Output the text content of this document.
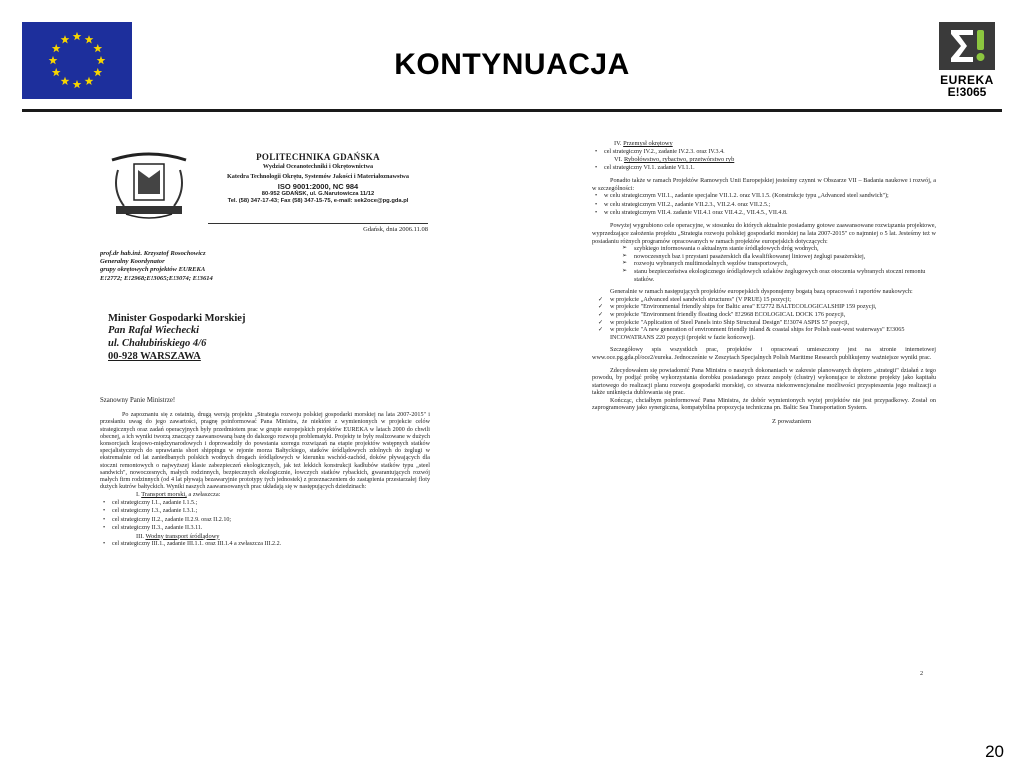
KONTYNUACJA	EUREKA
E!3065
POLITECHNIKA GDAŃSKA
Wydział Oceanotechniki i Okrętownictwa
Katedra Technologii Okrętu, Systemów Jakości i Materiałoznawstwa
ISO 9001:2000, NC 984
80-952 GDAŃSK, ul. G.Narutowicza 11/12
Tel. (58) 347-17-43; Fax (58) 347-15-75, e-mail: sek2oce@pg.gda.pl
Gdańsk, dnia 2006.11.08
prof.dr hab.inż. Krzysztof Rosochowicz
Generalny Koordynator
grupy okrętowych projektów EUREKA
E!2772; E!2968;E!3065;E!3074; E!3614
Minister Gospodarki Morskiej
Pan Rafał Wiechecki
ul. Chałubińskiego 4/6
00-928 WARSZAWA
Szanowny Panie Ministrze!

Po zapoznaniu się z ostatnią, drugą wersją projektu „Strategia rozwoju polskiej gospodarki morskiej na lata 2007-2015" i przesłaniu uwag do jego zawartości, pragnę poinformować Pana Ministra, że niektóre z wymienionych w projekcie celów strategicznych oraz zadań operacyjnych były przedmiotem prac w grupie europejskich projektów EUREKA w latach 2000 do chwili obecnej, a ich wyniki tworzą znaczący zaawansowaną bazę do dalszego rozwoju problematyki. Projekty te były realizowane w dużych konsorcjach krajowo-międzynarodowych i doprowadziły do powstania szeregu rozwiązań na etapie projektów wstępnych statków specjalistycznych do uprawiania short shippingu w rejonie morza Bałtyckiego, statków śródlądowych zdolnych do żeglugi w ekstremalnie od lat zaniedbanych polskich wodnych drogach śródlądowych w kierunku wschód-zachód, doków pływających dla stoczni remontowych o najwyższej klasie zabezpieczeń ekologicznych, jak też lekkich konstrukcji kadłubów statków typu „steel sandwich", nowoczesnych, małych rodzinnych, bezpiecznych ekologicznie, łowczych statków rybackich, gwarantujących rozwój małych firm rodzinnych (od 4 lat pływają bezawaryjnie prototypy tych jednostek) z przeznaczeniem do zastąpienia przestarzałej floty dużych kutrów bałtyckich. Wyniki naszych zaawansowanych prac układają się w następujących dziedzinach:

I. Transport morski, a zwłaszcza:
• cel strategiczny I.1., zadanie I.1.5.;
• cel strategiczny I.3., zadanie I.3.1.;
• cel strategiczny II.2., zadanie II.2.9. oraz II.2.10;
• cel strategiczny II.3., zadanie II.3.11.
III. Wodny transport śródlądowy
• cel strategiczny III.1., zadanie III.1.1. oraz III.1.4 a zwłaszcza III.2.2.
IV. Przemysł okrętowy
• cel strategiczny IV.2., zadanie IV.2.3. oraz IV.3.4.
VI. Rybołówstwo, rybactwo, przetwórstwo ryb
• cel strategiczny VI.1. zadanie VI.1.1.

Ponadto także w ramach Projektów Ramowych Unii Europejskiej jesteśmy czynni w Obszarze VII – Badania naukowe i rozwój, a w szczególności:

• w celu strategicznym VII.1., zadanie specjalne VII.1.2. oraz VII.1.5. (Konstrukcje typu „Advanced steel sandwich");
• w celu strategicznym VII.2., zadanie VII.2.3., VII.2.4. oraz VII.2.5.;
• w celu strategicznym VII.4. zadanie VII.4.1 oraz VII.4.2., VII.4.5., VII.4.8.

Powyżej wygrubiono cele operacyjne, w stosunku do których aktualnie posiadamy gotowe zaawansowane rozwiązania projektowe, wyprzedzające założenia projektu „Strategia rozwoju polskiej gospodarki morskiej na lata 2007-2015" co najmniej o 5 lat. Jesteśmy też w posiadaniu różnych programów opracowanych w ramach projektów europejskich dotyczących:

➢ szybkiego informowania o aktualnym stanie śródlądowych dróg wodnych,
➢ nowoczesnych baz i przystani pasażerskich dla kwalifikowanej liniowej żeglugi pasażerskiej,
➢ rozwoju wybranych multimodalnych węzłów transportowych,
➢ stanu bezpieczeństwa ekologicznego śródlądowych szlaków żeglugowych oraz otoczenia wybranych stoczni remontu statków.

Generalnie w ramach następujących projektów europejskich dysponujemy bogatą bazą opracowań i raportów naukowych:

✓ w projekcie „Advanced steel sandwich structures" (V PRUE) 15 pozycji;
✓ w projekcie "Environmental friendly ships for Baltic area" E!2772 BALTECOLOGICALSHIP 159 pozycji,
✓ w projekcie "Environment friendly floating dock" E!2968 ECOLOGICAL DOCK 176 pozycji,
✓ w projekcie "Application of Steel Panels into Ship Structural Design" E!3074 ASPIS 57 pozycji,
✓ w projekcie "A new generation of environment friendly inland & coastal ships for Polish east-west waterways" E!3065 INCOWATRANS 220 pozycji (projekt w fazie końcowej).

Szczegółowy spis wszystkich prac, projektów i opracowań umieszczony jest na stronie internetowej www.oce.pg.gda.pl/oce2/eureka. Jednocześnie w Zeszytach Specjalnych Polish Maritime Research publikujemy ważniejsze wyniki prac.

Zdecydowałem się powiadomić Pana Ministra o naszych dokonaniach w zakresie planowanych dopiero „strategii" działań z tego powodu, by podjąć próbę wykorzystania dorobku posiadanego przez zespoły (clustry) wykonujące te złożone projekty jako kapitału startowego do realizacji planu rozwoju gospodarki morskiej, co stwarza niekonwencjonalne możliwości przyspieszenia jego realizacji a także uniknięcia dublowania się prac.

Kończąc, chciałbym poinformować Pana Ministra, że dobór wymienionych wyżej projektów nie jest przypadkowy. Został on zaprogramowany jako synergiczna, kompatybilna propozycja techniczna pn. Baltic Sea Transportation System.

Z poważaniem
2
20
